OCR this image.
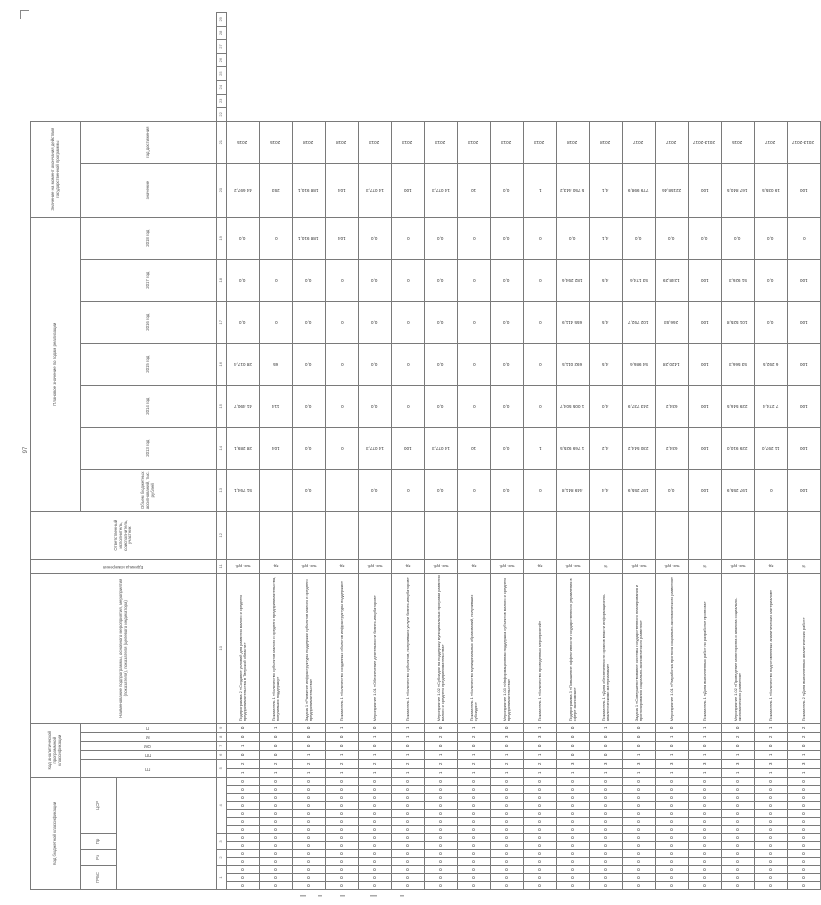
97
Код бюджетной классификации														Код аналитической программной классификации						Наименование подпрограммы, основного мероприятия, мероприятия (показателя), показателя (целевого индикатора)	Единица измерения	Ответственный исполнитель, соисполнитель, участник	Плановое значение по годам реализации							Значение на момент окончания действия государственной программы									
ГРБС			Рз		Пр		ЦСР							ГП		ПП	ОМ	М	П				Объем бюджетных ассигнований, тыс. рублей	2013 год	2014 год	2015 год	2016 год	2017 год	2018 год	значение	год достижения								

1			2		3		4							5		6	7	8	9	10	11	12	13	14	15	16	17	18	19	20	21	22	23	24	25	26	27	28	29
0	0	0	0	0	0	0	0	0	0	0	0	0	0	1	2	0	1	0	0	Подпрограмма 2 «Создание условий для развития малого и среднего предпринимательства в Тверской области»	тыс. руб.		51 794,1	28 289,1	41 490,7	28 017,4	0,0	0,0	0,0	44 697,2	2015								
0	0	0	0	0	0	0	0	0	0	0	0	0	0	1	2	0	0	0	1	Показатель 1 «Количество субъектов малого и среднего предпринимательства, получивших поддержку»	ед.			104	114	65	0	0	0	293	2015								
0	0	0	0	0	0	0	0	0	0	0	0	0	0	1	2	1	0	0	0	Задача 1 «Развитие инфраструктуры поддержки субъектов малого и среднего предпринимательства»	тыс. руб.		0,0	0,0	0,0	0,0	0,0	0,0	188 910,1	188 910,1	2018								
0	0	0	0	0	0	0	0	0	0	0	0	0	0	1	2	1	0	0	1	Показатель 1 «Количество созданных объектов инфраструктуры поддержки»	ед.			0	0	0	0	0	104	104	2018								
0	0	0	0	0	0	0	0	0	0	0	0	0	0	1	2	1	0	1	0	Мероприятие 1.01 «Обеспечение деятельности бизнес-инкубаторов»	тыс. руб.		0,0	14 077,3	0,0	0,0	0,0	0,0	0,0	14 077,3	2013								
0	0	0	0	0	0	0	0	0	0	0	0	0	0	1	2	1	0	1	1	Показатель 1 «Количество субъектов, получивших услуги бизнес-инкубаторов»	ед.		0	100	0	0	0	0	0	100	2013								
0	0	0	0	0	0	0	0	0	0	0	0	0	0	1	2	1	0	2	0	Мероприятие 1.02 «Субсидии на поддержку муниципальных программ развития малого и среднего предпринимательства»	тыс. руб.		0,0	14 077,3	0,0	0,0	0,0	0,0	0,0	14 077,3	2013								
0	0	0	0	0	0	0	0	0	0	0	0	0	0	1	2	1	0	2	1	Показатель 1 «Количество муниципальных образований, получивших субсидии»	ед.		0	10	0	0	0	0	0	10	2013								
0	0	0	0	0	0	0	0	0	0	0	0	0	0	1	2	1	0	3	0	Мероприятие 1.03 «Информационная поддержка субъектов малого и среднего предпринимательства»	тыс. руб.		0,0	0,0	0,0	0,0	0,0	0,0	0,0	0,0	2013								
0	0	0	0	0	0	0	0	0	0	0	0	0	0	1	2	1	0	3	1	Показатель 1 «Количество проведенных мероприятий»	ед.		0	1	0	0	0	0	0	1	2013								
0	0	0	0	0	0	0	0	0	0	0	0	0	0	1	3	0	0	0	0	Подпрограмма 3 «Повышение эффективности государственного управления в сфере экономики»	тыс. руб.		449 841,8	1 769 925,5	1 005 504,7	692 011,5	655 411,9	182 294,6	0,0	5 750 443,2	2018								
0	0	0	0	0	0	0	0	0	0	0	0	0	0	1	3	0	0	0	1	Показатель 1 «Доля обеспеченности органов власти информационно-аналитическими материалами»	%		4,4	4,2	4,0	4,5	4,5	4,5	4,1	4,1	2018								
0	0	0	0	0	0	0	0	0	0	0	0	0	0	1	3	1	0	0	0	Задача 1 «Совершенствование системы государственного планирования и прогнозирования социально-экономического развития»	тыс. руб.		197 255,9	230 544,2	243 737,9	54 986,6	102 792,7	53 174,6	0,0	779 998,9	2017								
0	0	0	0	0	0	0	0	0	0	0	0	0	0	1	3	1	0	1	0	Мероприятие 1.01 «Разработка прогноза социально-экономического развития»	тыс. руб.		0,0	634,2	634,2	1420,28	266,93	1248,29	0,0	22158,46	2017								
0	0	0	0	0	0	0	0	0	0	0	0	0	0	1	3	1	0	1	1	Показатель 1 «Доля выполненных работ по разработке прогноза»	%		100	100	100	100	100	100	0,0	100	2013-2017								
0	0	0	0	0	0	0	0	0	0	0	0	0	0	1	3	1	0	2	0	Мероприятие 1.02 «Проведение мониторинга и анализа социально-экономического развития»	тыс. руб.		197 255,9	229 910,0	229 546,5	53 566,3	101 525,8	51 926,3	0,0	167 840,5	2015								
0	0	0	0	0	0	0	0	0	0	0	0	0	0	1	3	1	0	2	1	Показатель 1 «Количество подготовленных аналитических материалов»	ед.		0	11 297,0	7 274,4	6 292,5	0,0	0,0	0,0	19 035,5	2017								
0	0	0	0	0	0	0	0	0	0	0	0	0	0	1	3	1	0	2	2	Показатель 2 «Доля выполненных аналитических работ»	%		100	100	100	100	100	100	0	100	2013-2017								
